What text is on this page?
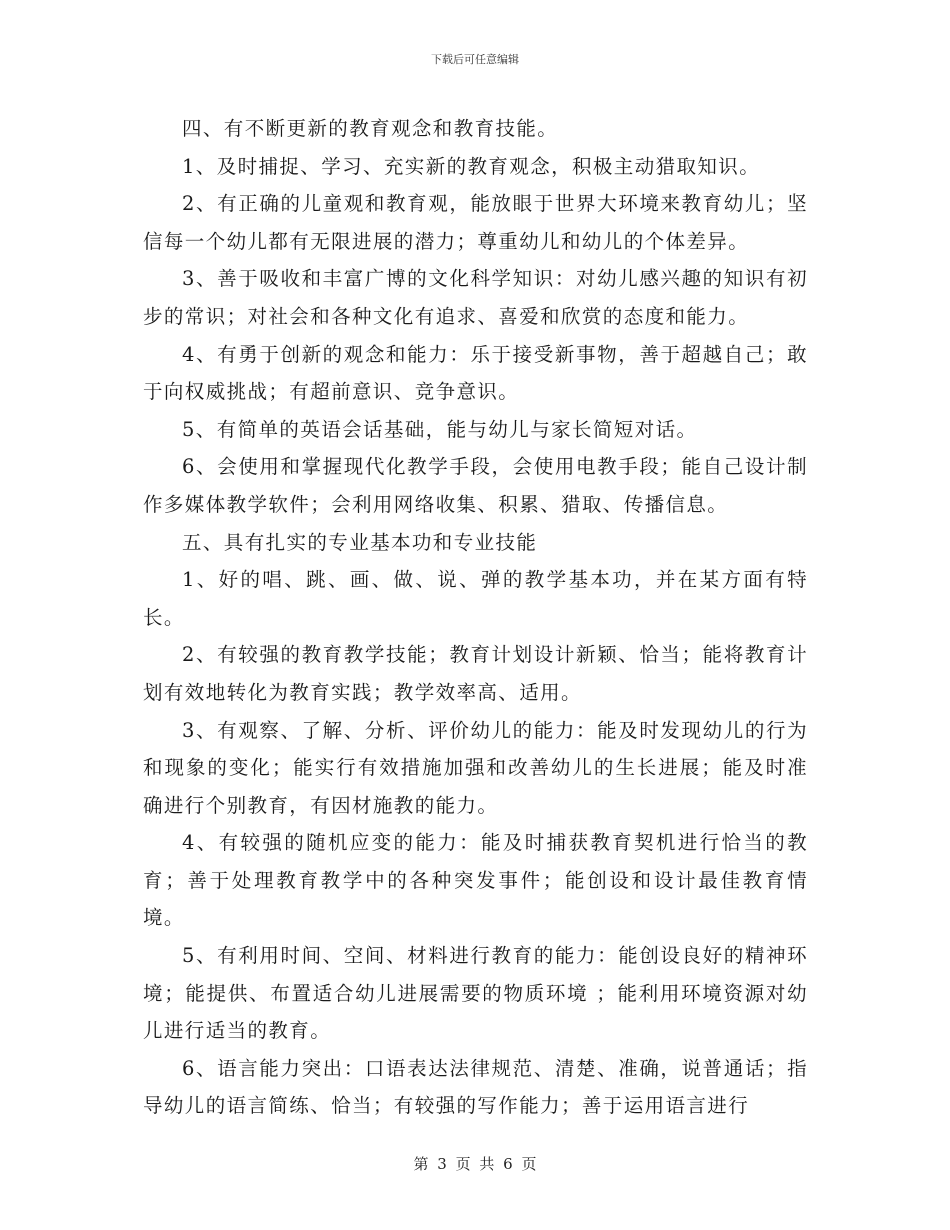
下载后可任意编辑

四、有不断更新的教育观念和教育技能。

1、及时捕捉、学习、充实新的教育观念，积极主动猎取知识。

2、有正确的儿童观和教育观，能放眼于世界大环境来教育幼儿；坚信每一个幼儿都有无限进展的潜力；尊重幼儿和幼儿的个体差异。

3、善于吸收和丰富广博的文化科学知识：对幼儿感兴趣的知识有初步的常识；对社会和各种文化有追求、喜爱和欣赏的态度和能力。

4、有勇于创新的观念和能力：乐于接受新事物，善于超越自己；敢于向权威挑战；有超前意识、竞争意识。

5、有简单的英语会话基础，能与幼儿与家长简短对话。

6、会使用和掌握现代化教学手段，会使用电教手段；能自己设计制作多媒体教学软件；会利用网络收集、积累、猎取、传播信息。

五、具有扎实的专业基本功和专业技能

1、好的唱、跳、画、做、说、弹的教学基本功，并在某方面有特长。

2、有较强的教育教学技能；教育计划设计新颖、恰当；能将教育计划有效地转化为教育实践；教学效率高、适用。

3、有观察、了解、分析、评价幼儿的能力：能及时发现幼儿的行为和现象的变化；能实行有效措施加强和改善幼儿的生长进展；能及时准确进行个别教育，有因材施教的能力。

4、有较强的随机应变的能力：能及时捕获教育契机进行恰当的教育；善于处理教育教学中的各种突发事件；能创设和设计最佳教育情境。

5、有利用时间、空间、材料进行教育的能力：能创设良好的精神环境；能提供、布置适合幼儿进展需要的物质环境 ；能利用环境资源对幼儿进行适当的教育。

6、语言能力突出：口语表达法律规范、清楚、准确，说普通话；指导幼儿的语言简练、恰当；有较强的写作能力；善于运用语言进行

第 3 页 共 6 页
